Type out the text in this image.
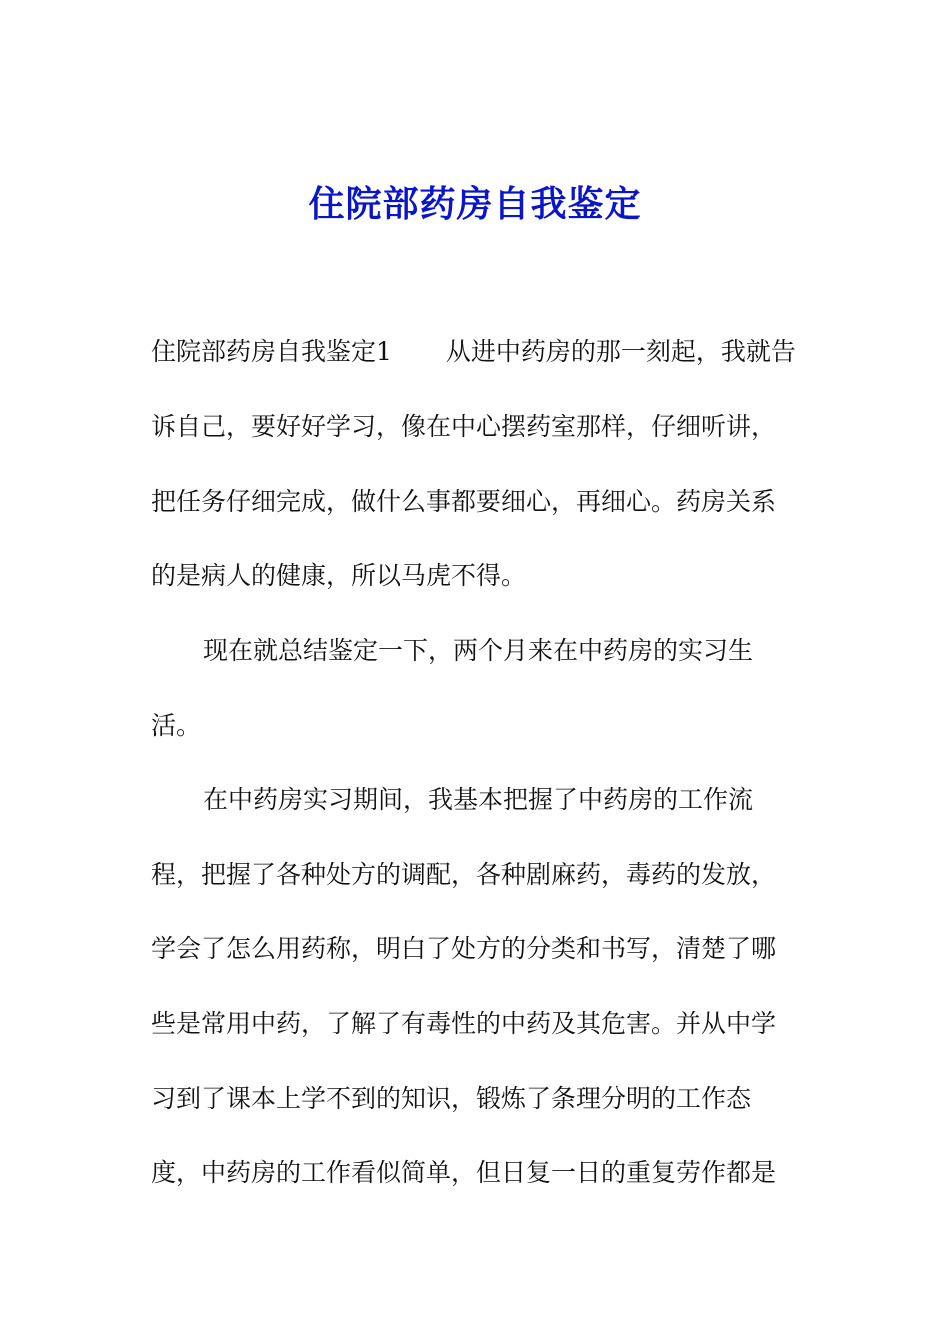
住院部药房自我鉴定
住院部药房自我鉴定1 从进中药房的那一刻起，我就告
诉自己，要好好学习，像在中心摆药室那样，仔细听讲，
把任务仔细完成，做什么事都要细心，再细心。药房关系
的是病人的健康，所以马虎不得。
现在就总结鉴定一下，两个月来在中药房的实习生
活。
在中药房实习期间，我基本把握了中药房的工作流
程，把握了各种处方的调配，各种剧麻药，毒药的发放，
学会了怎么用药称，明白了处方的分类和书写，清楚了哪
些是常用中药，了解了有毒性的中药及其危害。并从中学
习到了课本上学不到的知识，锻炼了条理分明的工作态
度，中药房的工作看似简单，但日复一日的重复劳作都是
